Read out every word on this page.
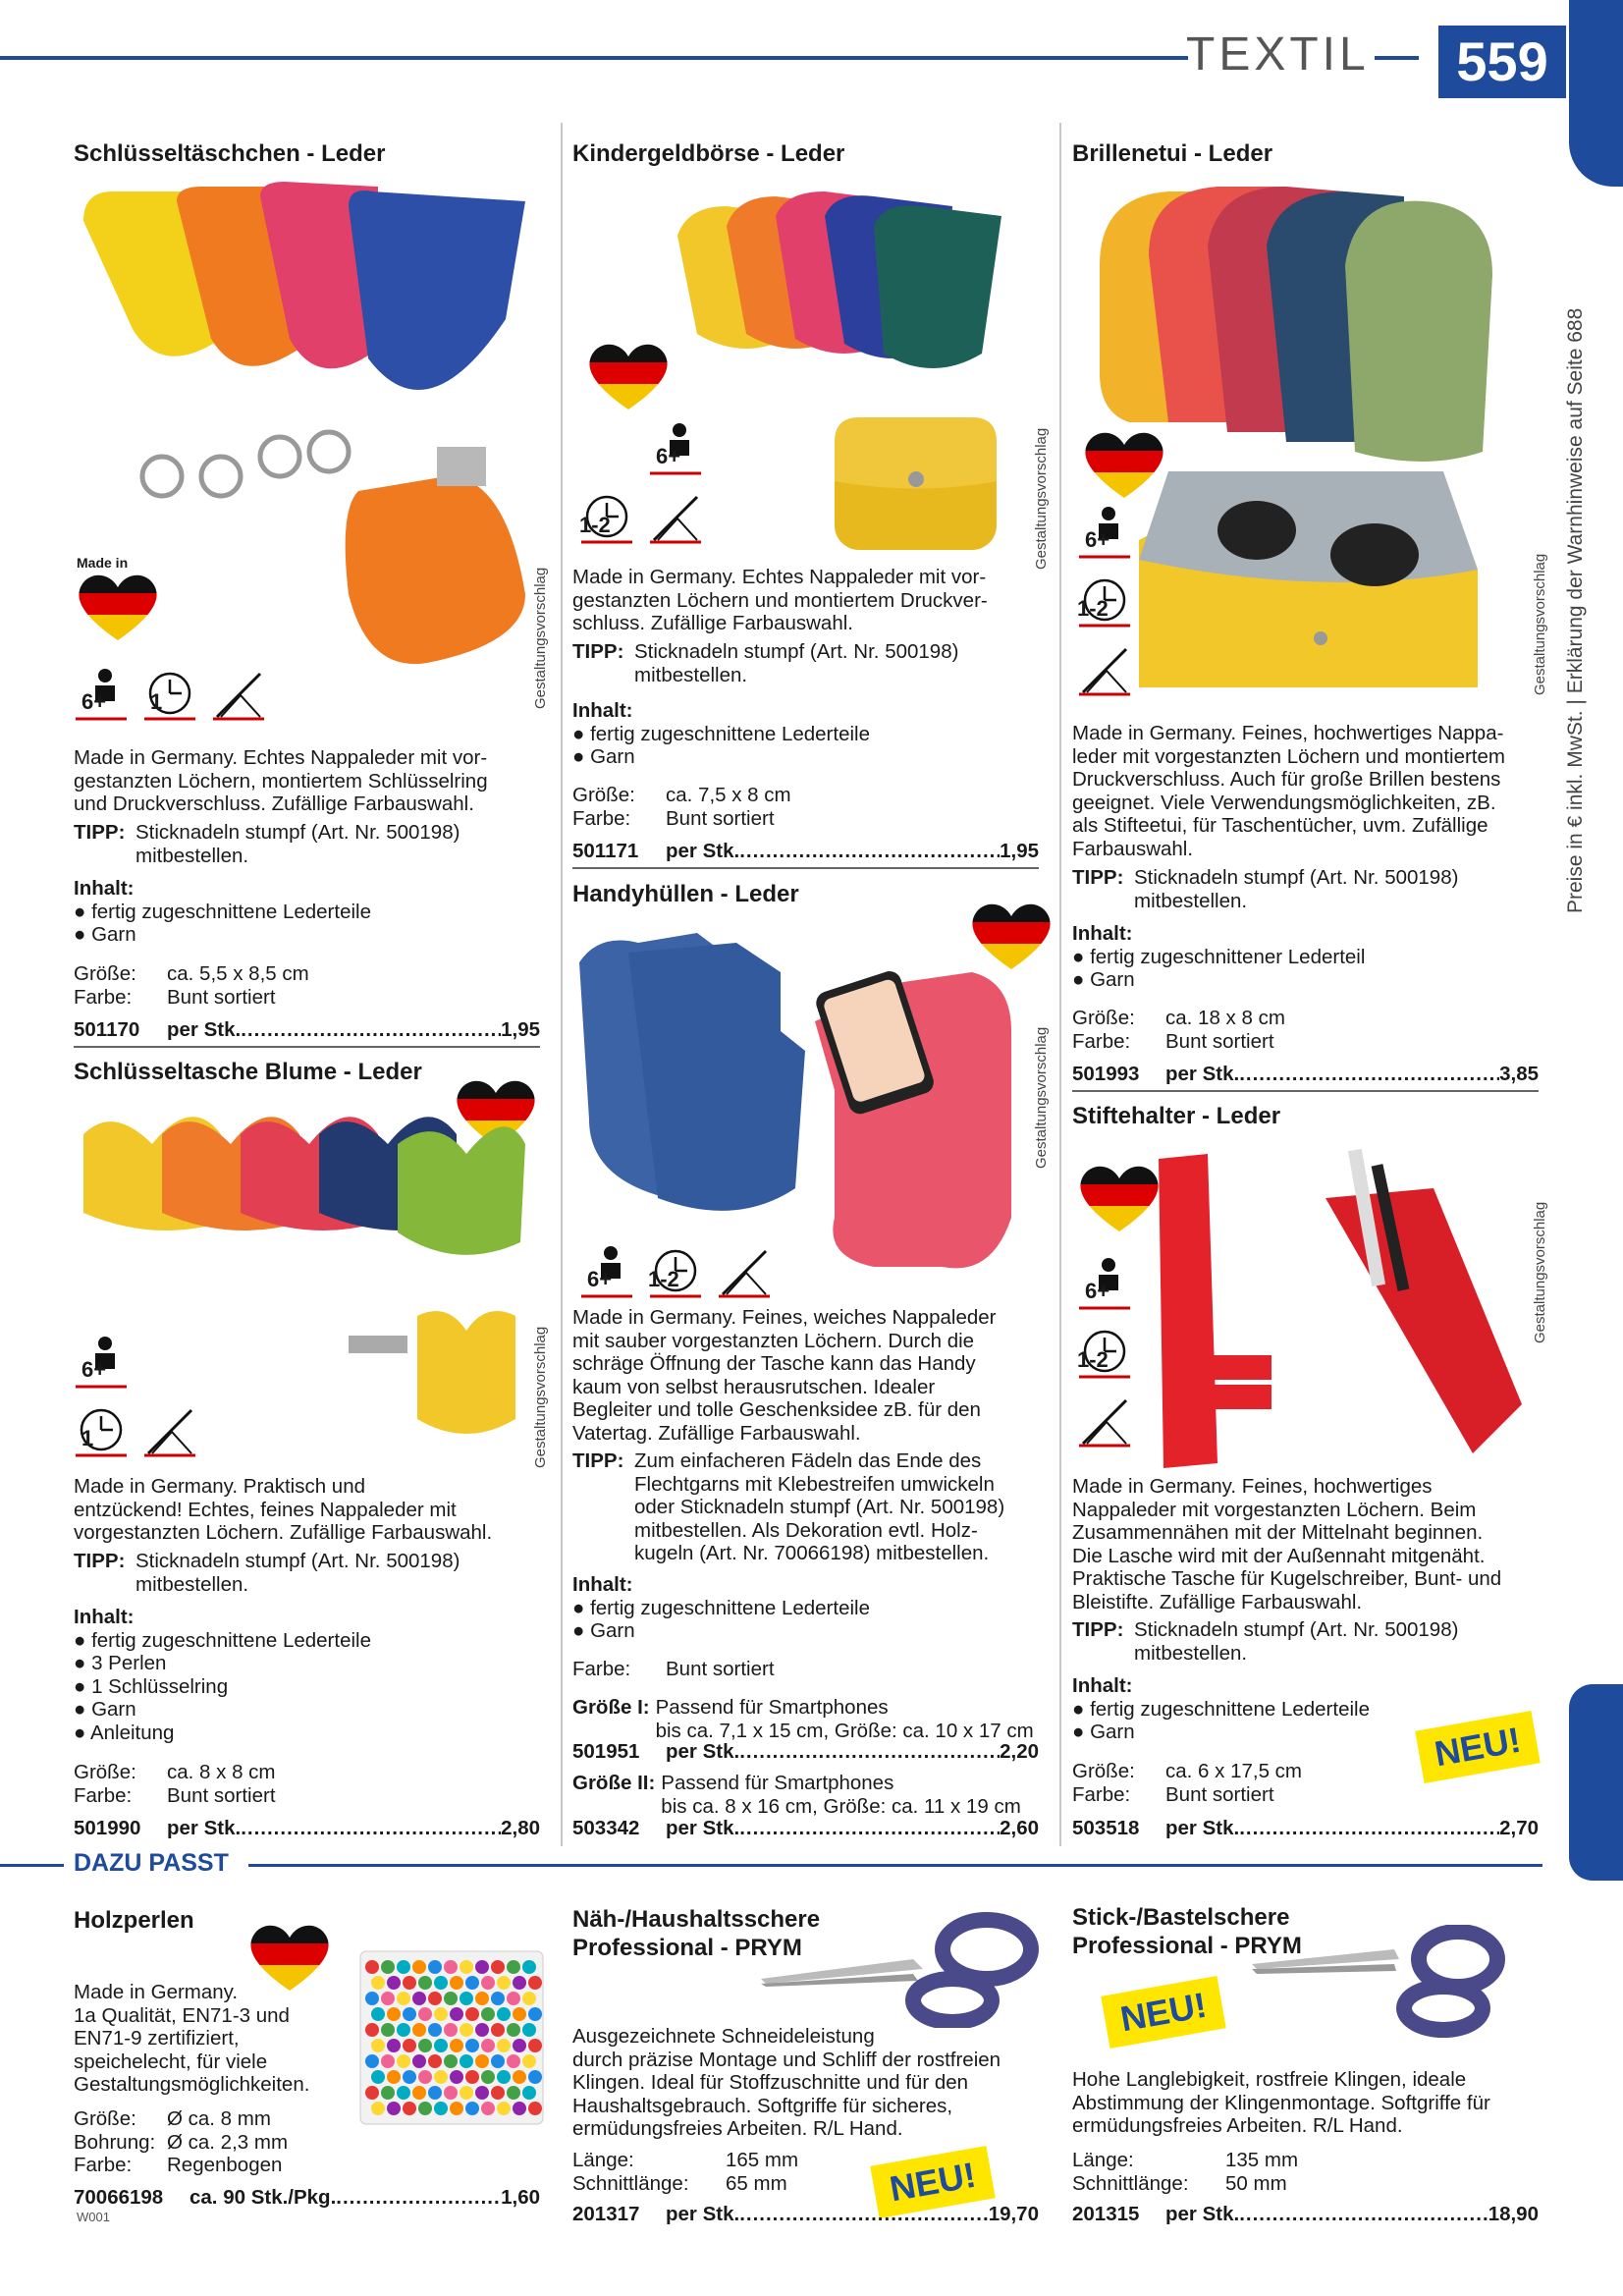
TEXTIL	559
Preise in € inkl. MwSt. | Erklärung der Warnhinweise auf Seite 688
Schlüsseltäschchen - Leder
Made in
6+ 1	Gestaltungsvorschlag
Made in Germany. Echtes Nappaleder mit vor-
gestanzten Löchern, montiertem Schlüsselring
und Druckverschluss. Zufällige Farbauswahl.
TIPP: Sticknadeln stumpf (Art. Nr. 500198)
mitbestellen.
Inhalt:
● fertig zugeschnittene Lederteile
● Garn
Größe: ca. 5,5 x 8,5 cm
Farbe: Bunt sortiert
501170	per Stk. .....	1,95
Schlüsseltasche Blume - Leder
6+
1	Gestaltungsvorschlag
Made in Germany. Praktisch und
entzückend! Echtes, feines Nappaleder mit
vorgestanzten Löchern. Zufällige Farbauswahl.
TIPP: Sticknadeln stumpf (Art. Nr. 500198)
mitbestellen.
Inhalt:
● fertig zugeschnittene Lederteile
● 3 Perlen
● 1 Schlüsselring
● Garn
● Anleitung
Größe: ca. 8 x 8 cm
Farbe: Bunt sortiert
501990	per Stk. .....	2,80
Kindergeldbörse - Leder
6+
1-2	Gestaltungsvorschlag
Made in Germany. Echtes Nappaleder mit vor-
gestanzten Löchern und montiertem Druckver-
schluss. Zufällige Farbauswahl.
TIPP: Sticknadeln stumpf (Art. Nr. 500198)
mitbestellen.
Inhalt:
● fertig zugeschnittene Lederteile
● Garn
Größe: ca. 7,5 x 8 cm
Farbe: Bunt sortiert
501171	per Stk. .....	1,95
Handyhüllen - Leder
6+ 1-2
Gestaltungsvorschlag
Made in Germany. Feines, weiches Nappaleder
mit sauber vorgestanzten Löchern. Durch die
schräge Öffnung der Tasche kann das Handy
kaum von selbst herausrutschen. Idealer
Begleiter und tolle Geschenksidee zB. für den
Vatertag. Zufällige Farbauswahl.
TIPP: Zum einfacheren Fädeln das Ende des
Flechtgarns mit Klebestreifen umwickeln
oder Sticknadeln stumpf (Art. Nr. 500198)
mitbestellen. Als Dekoration evtl. Holz-
kugeln (Art. Nr. 70066198) mitbestellen.
Inhalt:
● fertig zugeschnittene Lederteile
● Garn
Farbe: Bunt sortiert
Größe I: Passend für Smartphones
bis ca. 7,1 x 15 cm, Größe: ca. 10 x 17 cm
501951	per Stk. .....	2,20
Größe II: Passend für Smartphones
bis ca. 8 x 16 cm, Größe: ca. 11 x 19 cm
503342	per Stk. .....	2,60
Brillenetui - Leder
6+
1-2	Gestaltungsvorschlag
Made in Germany. Feines, hochwertiges Nappa-
leder mit vorgestanzten Löchern und montiertem
Druckverschluss. Auch für große Brillen bestens
geeignet. Viele Verwendungsmöglichkeiten, zB.
als Stifteetui, für Taschentücher, uvm. Zufällige
Farbauswahl.
TIPP: Sticknadeln stumpf (Art. Nr. 500198)
mitbestellen.
Inhalt:
● fertig zugeschnittener Lederteil
● Garn
Größe: ca. 18 x 8 cm
Farbe: Bunt sortiert
501993	per Stk. .....	3,85
Stiftehalter - Leder
6+
1-2
Gestaltungsvorschlag
Made in Germany. Feines, hochwertiges
Nappaleder mit vorgestanzten Löchern. Beim
Zusammennähen mit der Mittelnaht beginnen.
Die Lasche wird mit der Außennaht mitgenäht.
Praktische Tasche für Kugelschreiber, Bunt- und
Bleistifte. Zufällige Farbauswahl.
TIPP: Sticknadeln stumpf (Art. Nr. 500198)
mitbestellen.
Inhalt:
● fertig zugeschnittene Lederteile
● Garn
Größe: ca. 6 x 17,5 cm
Farbe: Bunt sortiert
NEU!
503518	per Stk. .....	2,70
DAZU PASST
Holzperlen
Made in Germany.
1a Qualität, EN71-3 und
EN71-9 zertifiziert,
speichelecht, für viele
Gestaltungsmöglichkeiten.
Größe: Ø ca. 8 mm
Bohrung: Ø ca. 2,3 mm
Farbe: Regenbogen
70066198	ca. 90 Stk./Pkg. .....	1,60
W001
Näh-/Haushaltsschere
Professional - PRYM
Ausgezeichnete Schneideleistung
durch präzise Montage und Schliff der rostfreien
Klingen. Ideal für Stoffzuschnitte und für den
Haushaltsgebrauch. Softgriffe für sicheres,
ermüdungsfreies Arbeiten. R/L Hand.
Länge:	165 mm
Schnittlänge: 65 mm	NEU!
201317	per Stk. .....	19,70
Stick-/Bastelschere
Professional - PRYM
NEU!
Hohe Langlebigkeit, rostfreie Klingen, ideale
Abstimmung der Klingenmontage. Softgriffe für
ermüdungsfreies Arbeiten. R/L Hand.
Länge:	135 mm
Schnittlänge: 50 mm
201315	per Stk. .....	18,90
